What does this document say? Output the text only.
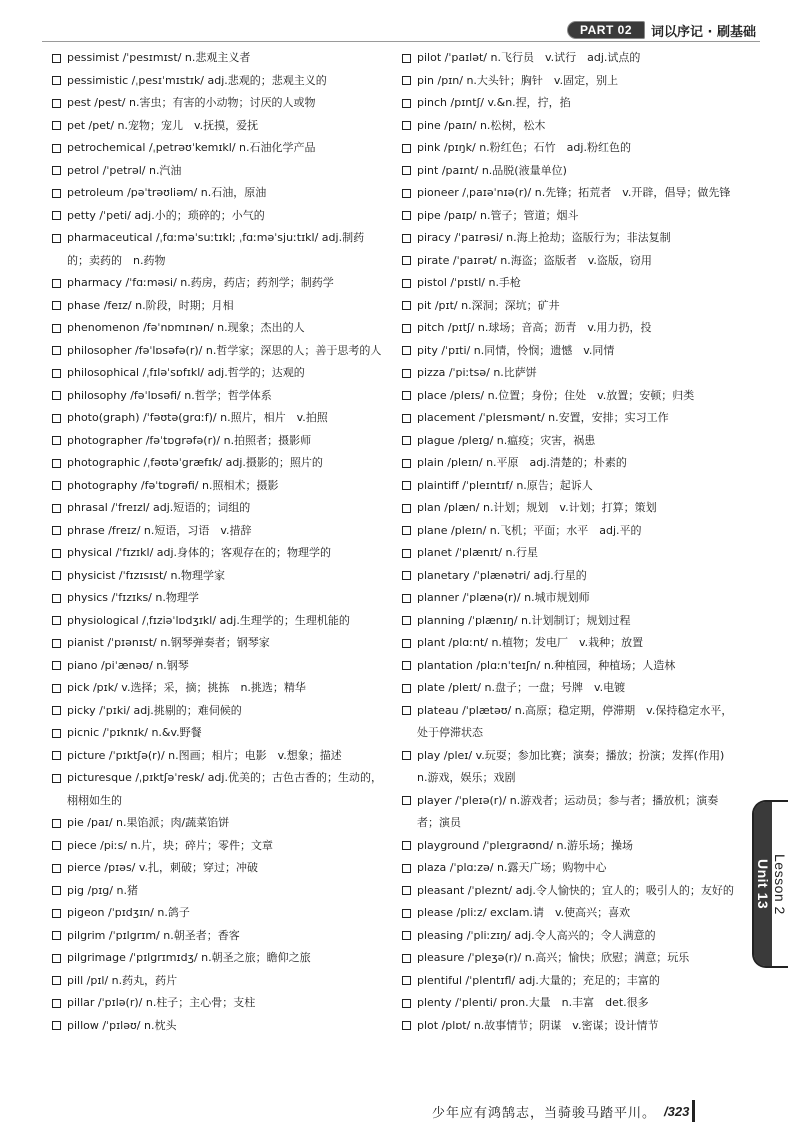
PART 02	词以序记 · 刷基础
pessimist /ˈpesɪmɪst/ n.悲观主义者
pessimistic /ˌpesɪˈmɪstɪk/ adj.悲观的；悲观主义的
pest /pest/ n.害虫；有害的小动物；讨厌的人或物
pet /pet/ n.宠物；宠儿　v.抚摸，爱抚
petrochemical /ˌpetrəʊˈkemɪkl/ n.石油化学产品
petrol /ˈpetrəl/ n.汽油
petroleum /pəˈtrəʊliəm/ n.石油，原油
petty /ˈpeti/ adj.小的；琐碎的；小气的
pharmaceutical /ˌfɑːməˈsuːtɪkl; ˌfɑːməˈsjuːtɪkl/ adj.制药的；卖药的　n.药物
pharmacy /ˈfɑːməsi/ n.药房，药店；药剂学；制药学
phase /feɪz/ n.阶段，时期；月相
phenomenon /fəˈnɒmɪnən/ n.现象；杰出的人
philosopher /fəˈlɒsəfə(r)/ n.哲学家；深思的人；善于思考的人
philosophical /ˌfɪləˈsɒfɪkl/ adj.哲学的；达观的
philosophy /fəˈlɒsəfi/ n.哲学；哲学体系
photo(graph) /ˈfəʊtə(grɑːf)/ n.照片，相片　v.拍照
photographer /fəˈtɒgrəfə(r)/ n.拍照者；摄影师
photographic /ˌfəʊtəˈgræfɪk/ adj.摄影的；照片的
photography /fəˈtɒgrəfi/ n.照相术；摄影
phrasal /ˈfreɪzl/ adj.短语的；词组的
phrase /freɪz/ n.短语，习语　v.措辞
physical /ˈfɪzɪkl/ adj.身体的；客观存在的；物理学的
physicist /ˈfɪzɪsɪst/ n.物理学家
physics /ˈfɪzɪks/ n.物理学
physiological /ˌfɪziəˈlɒdʒɪkl/ adj.生理学的；生理机能的
pianist /ˈpɪənɪst/ n.钢琴弹奏者；钢琴家
piano /piˈænəʊ/ n.钢琴
pick /pɪk/ v.选择；采，摘；挑拣　n.挑选；精华
picky /ˈpɪki/ adj.挑剔的；难伺候的
picnic /ˈpɪknɪk/ n.&v.野餐
picture /ˈpɪktʃə(r)/ n.图画；相片；电影　v.想象；描述
picturesque /ˌpɪktʃəˈresk/ adj.优美的；古色古香的；生动的，栩栩如生的
pie /paɪ/ n.果馅派；肉/蔬菜馅饼
piece /piːs/ n.片，块；碎片；零件；文章
pierce /pɪəs/ v.扎，刺破；穿过；冲破
pig /pɪg/ n.猪
pigeon /ˈpɪdʒɪn/ n.鸽子
pilgrim /ˈpɪlgrɪm/ n.朝圣者；香客
pilgrimage /ˈpɪlgrɪmɪdʒ/ n.朝圣之旅；瞻仰之旅
pill /pɪl/ n.药丸，药片
pillar /ˈpɪlə(r)/ n.柱子；主心骨；支柱
pillow /ˈpɪləʊ/ n.枕头
pilot /ˈpaɪlət/ n.飞行员　v.试行　adj.试点的
pin /pɪn/ n.大头针；胸针　v.固定，别上
pinch /pɪntʃ/ v.&n.捏，拧，掐
pine /paɪn/ n.松树，松木
pink /pɪŋk/ n.粉红色；石竹　adj.粉红色的
pint /paɪnt/ n.品脱(液量单位)
pioneer /ˌpaɪəˈnɪə(r)/ n.先锋；拓荒者　v.开辟，倡导；做先锋
pipe /paɪp/ n.管子；管道；烟斗
piracy /ˈpaɪrəsi/ n.海上抢劫；盗版行为；非法复制
pirate /ˈpaɪrət/ n.海盗；盗版者　v.盗版，窃用
pistol /ˈpɪstl/ n.手枪
pit /pɪt/ n.深洞；深坑；矿井
pitch /pɪtʃ/ n.球场；音高；沥青　v.用力扔，投
pity /ˈpɪti/ n.同情，怜悯；遗憾　v.同情
pizza /ˈpiːtsə/ n.比萨饼
place /pleɪs/ n.位置；身份；住处　v.放置；安顿；归类
placement /ˈpleɪsmənt/ n.安置，安排；实习工作
plague /pleɪg/ n.瘟疫；灾害，祸患
plain /pleɪn/ n.平原　adj.清楚的；朴素的
plaintiff /ˈpleɪntɪf/ n.原告；起诉人
plan /plæn/ n.计划；规划　v.计划；打算；策划
plane /pleɪn/ n.飞机；平面；水平　adj.平的
planet /ˈplænɪt/ n.行星
planetary /ˈplænətri/ adj.行星的
planner /ˈplænə(r)/ n.城市规划师
planning /ˈplænɪŋ/ n.计划制订；规划过程
plant /plɑːnt/ n.植物；发电厂　v.栽种；放置
plantation /plɑːnˈteɪʃn/ n.种植园，种植场；人造林
plate /pleɪt/ n.盘子；一盘；号牌　v.电镀
plateau /ˈplætəʊ/ n.高原；稳定期，停滞期　v.保持稳定水平，处于停滞状态
play /pleɪ/ v.玩耍；参加比赛；演奏；播放；扮演；发挥(作用)　n.游戏，娱乐；戏剧
player /ˈpleɪə(r)/ n.游戏者；运动员；参与者；播放机；演奏者；演员
playground /ˈpleɪgraʊnd/ n.游乐场；操场
plaza /ˈplɑːzə/ n.露天广场；购物中心
pleasant /ˈpleznt/ adj.令人愉快的；宜人的；吸引人的；友好的
please /pliːz/ exclam.请　v.使高兴；喜欢
pleasing /ˈpliːzɪŋ/ adj.令人高兴的；令人满意的
pleasure /ˈpleʒə(r)/ n.高兴；愉快；欣慰；满意；玩乐
plentiful /ˈplentɪfl/ adj.大量的；充足的；丰富的
plenty /ˈplenti/ pron.大量　n.丰富　det.很多
plot /plɒt/ n.故事情节；阴谋　v.密谋；设计情节
Unit 13 Lesson 2
少年应有鸿鹄志，当骑骏马踏平川。 /323
